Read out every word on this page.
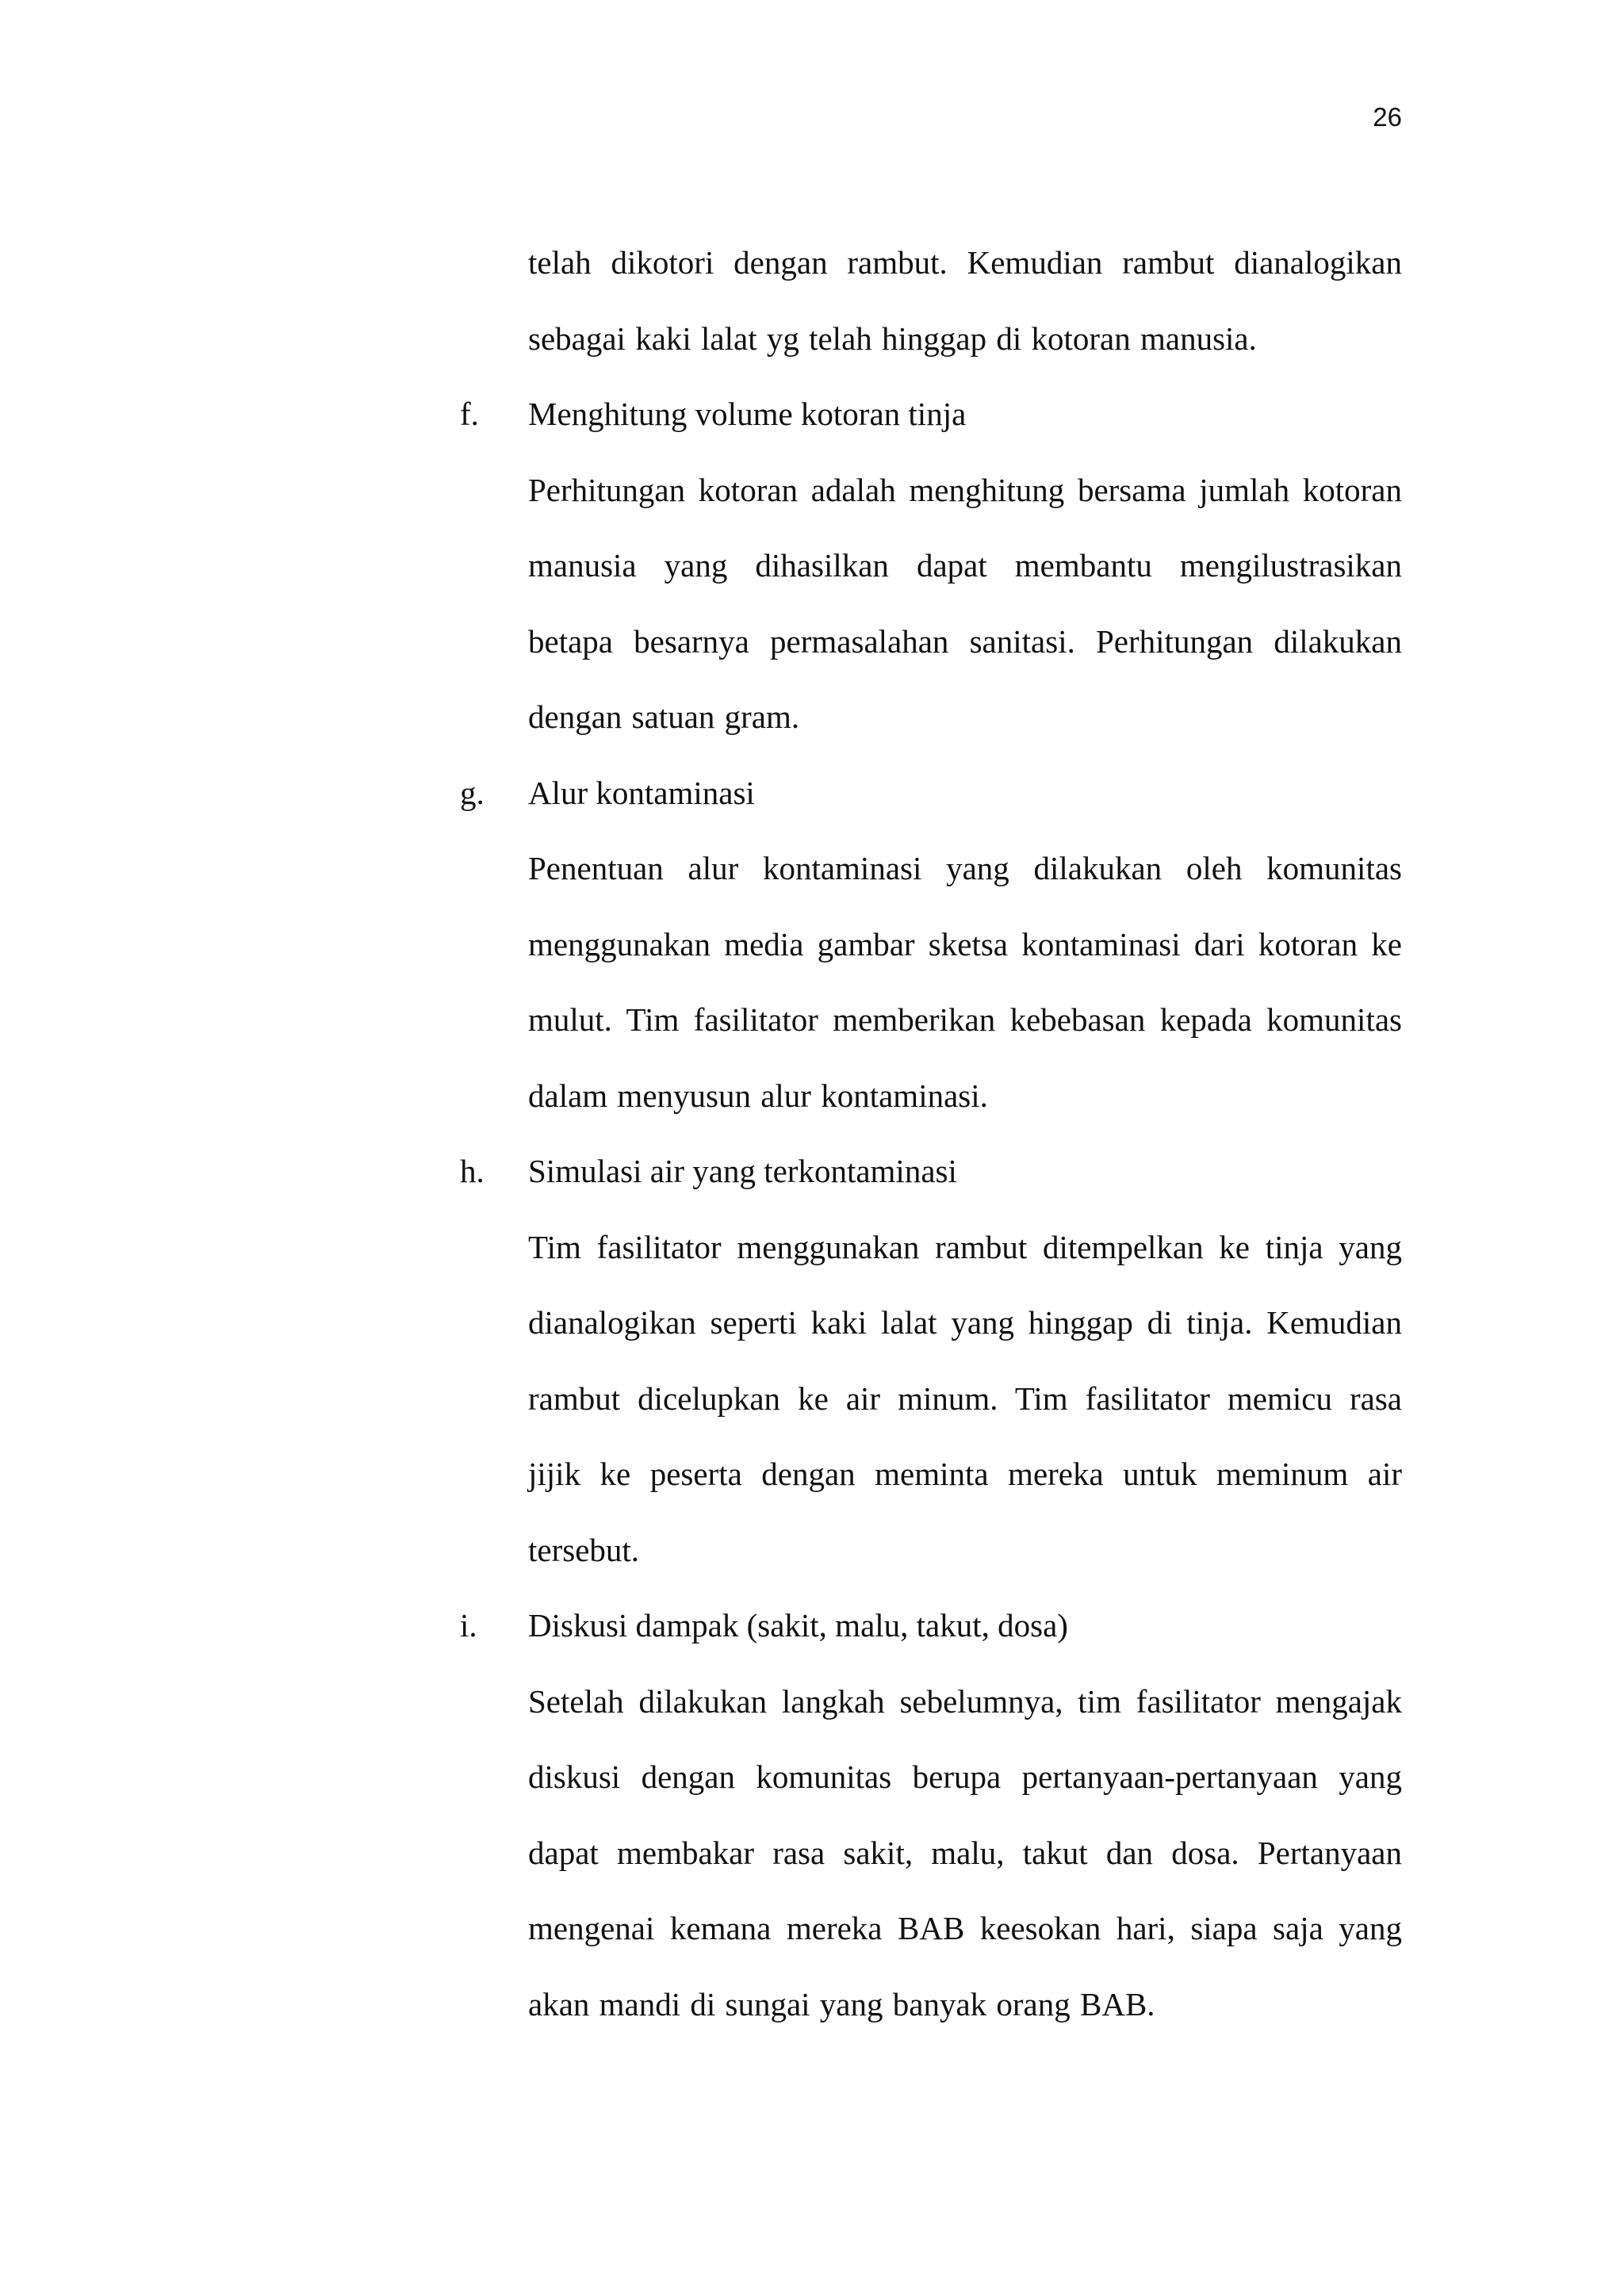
26
telah dikotori dengan rambut. Kemudian rambut dianalogikan sebagai kaki lalat yg telah hinggap di kotoran manusia.
f.	Menghitung volume kotoran tinja
Perhitungan kotoran adalah menghitung bersama jumlah kotoran manusia yang dihasilkan dapat membantu mengilustrasikan betapa besarnya permasalahan sanitasi. Perhitungan dilakukan dengan satuan gram.
g.	Alur kontaminasi
Penentuan alur kontaminasi yang dilakukan oleh komunitas menggunakan media gambar sketsa kontaminasi dari kotoran ke mulut. Tim fasilitator memberikan kebebasan kepada komunitas dalam menyusun alur kontaminasi.
h.	Simulasi air yang terkontaminasi
Tim fasilitator menggunakan rambut ditempelkan ke tinja yang dianalogikan seperti kaki lalat yang hinggap di tinja. Kemudian rambut dicelupkan ke air minum. Tim fasilitator memicu rasa jijik ke peserta dengan meminta mereka untuk meminum air tersebut.
i.	Diskusi dampak (sakit, malu, takut, dosa)
Setelah dilakukan langkah sebelumnya, tim fasilitator mengajak diskusi dengan komunitas berupa pertanyaan-pertanyaan yang dapat membakar rasa sakit, malu, takut dan dosa. Pertanyaan mengenai kemana mereka BAB keesokan hari, siapa saja yang akan mandi di sungai yang banyak orang BAB.
